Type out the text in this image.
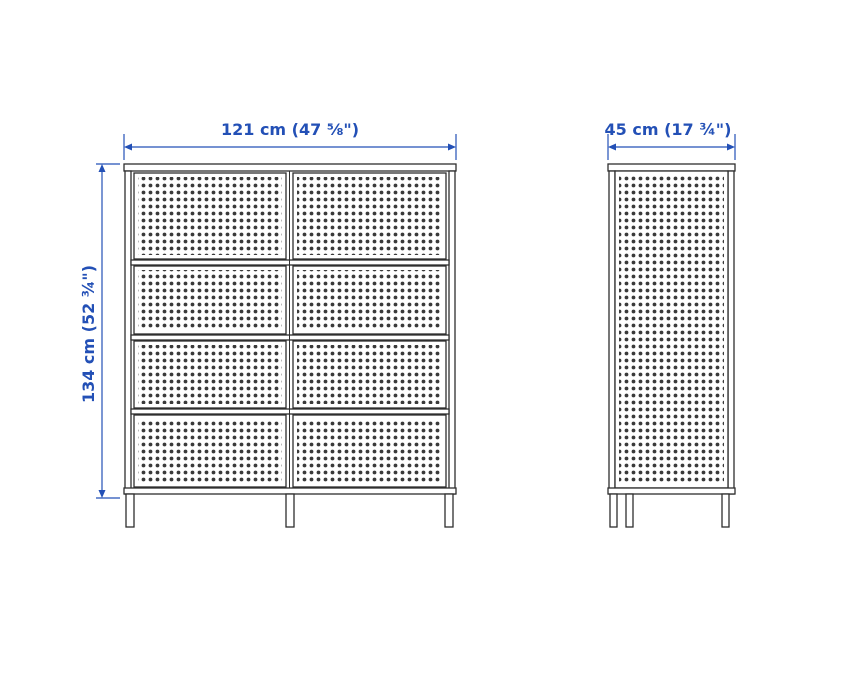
121 cm (47 ⅝")	45 cm (17 ¾")
134 cm (52 ¾")
